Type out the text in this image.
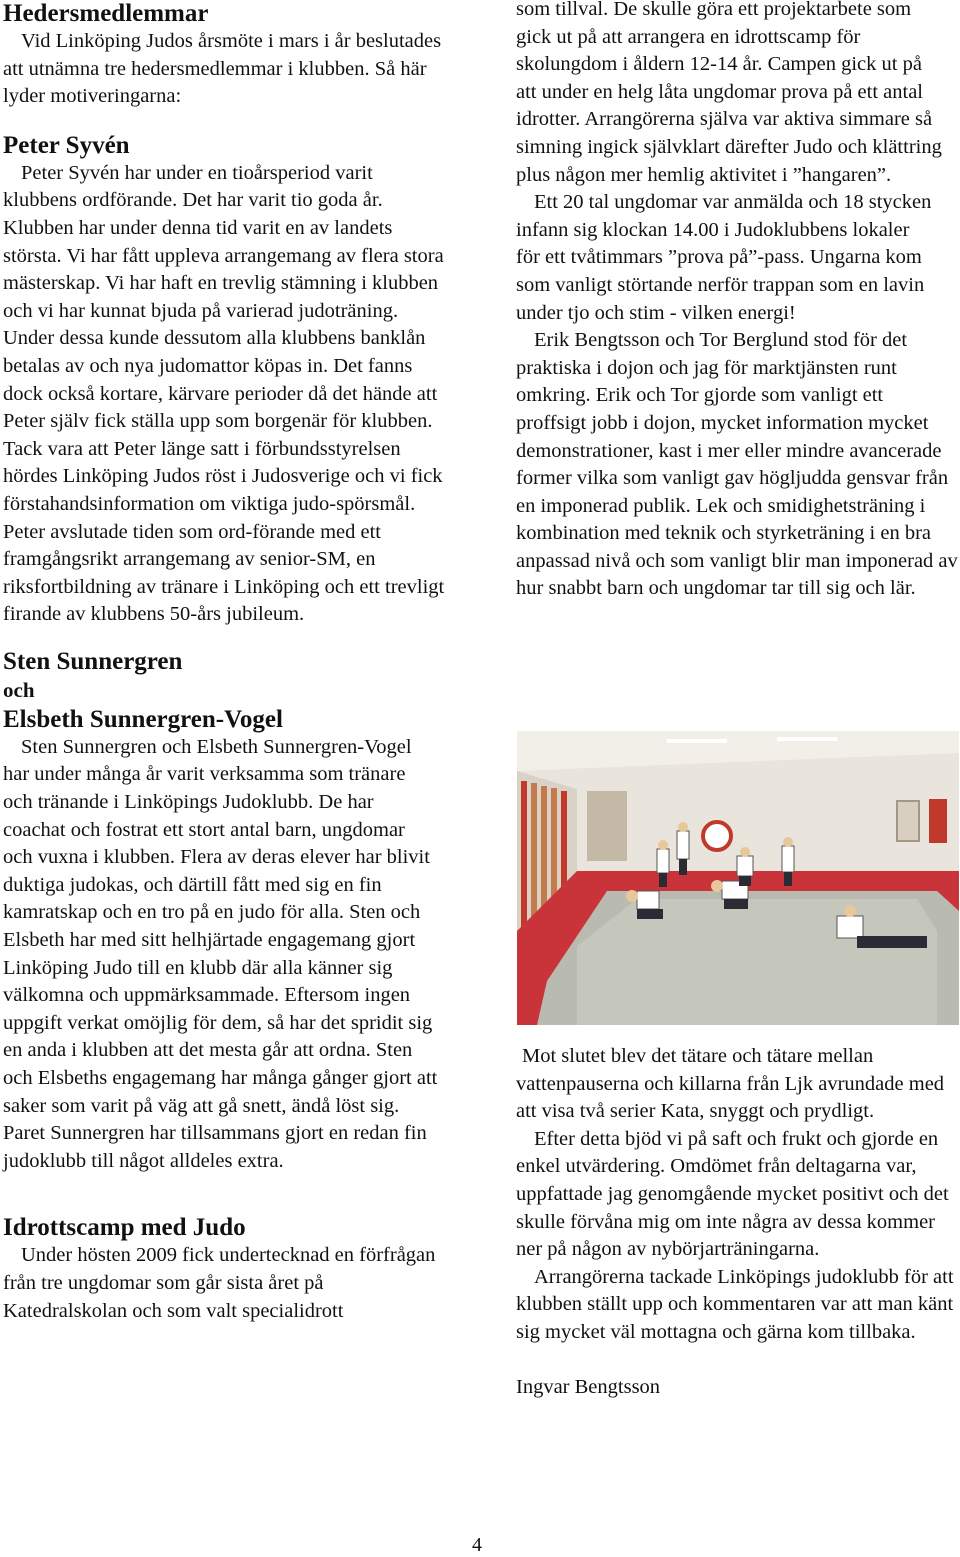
Hedersmedlemmar

Vid Linköping Judos årsmöte i mars i år beslutades att utnämna tre hedersmedlemmar i klubben. Så här lyder motiveringarna:

Peter Syvén

Peter Syvén har under en tioårsperiod varit klubbens ordförande. Det har varit tio goda år. Klubben har under denna tid varit en av landets största. Vi har fått uppleva arrangemang av flera stora mästerskap. Vi har haft en trevlig stämning i klubben och vi har kunnat bjuda på varierad judoträning. Under dessa kunde dessutom alla klubbens banklån betalas av och nya judomattor köpas in. Det fanns dock också kortare, kärvare perioder då det hände att Peter själv fick ställa upp som borgenär för klubben. Tack vara att Peter länge satt i förbundsstyrelsen hördes Linköping Judos röst i Judosverige och vi fick förstahandsinformation om viktiga judo-spörsmål. Peter avslutade tiden som ord-förande med ett framgångsrikt arrangemang av senior-SM, en riksfortbildning av tränare i Linköping och ett trevligt firande av klubbens 50-års jubileum.

Sten Sunnergren
och
Elsbeth Sunnergren-Vogel

Sten Sunnergren och Elsbeth Sunnergren-Vogel har under många år varit verksamma som tränare och tränande i Linköpings Judoklubb. De har coachat och fostrat ett stort antal barn, ungdomar och vuxna i klubben. Flera av deras elever har blivit duktiga judokas, och därtill fått med sig en fin kamratskap och en tro på en judo för alla. Sten och Elsbeth har med sitt helhjärtade engagemang gjort Linköping Judo till en klubb där alla känner sig välkomna och uppmärksammade. Eftersom ingen uppgift verkat omöjlig för dem, så har det spridit sig en anda i klubben att det mesta går att ordna. Sten och Elsbeths engagemang har många gånger gjort att saker som varit på väg att gå snett, ändå löst sig. Paret Sunnergren har tillsammans gjort en redan fin judoklubb till något alldeles extra.

Idrottscamp med Judo

Under hösten 2009 fick undertecknad en förfrågan från tre ungdomar som går sista året på Katedralskolan och som valt specialidrott

som tillval. De skulle göra ett projektarbete som gick ut på att arrangera en idrottscamp för skolungdom i åldern 12-14 år. Campen gick ut på att under en helg låta ungdomar prova på ett antal idrotter. Arrangörerna själva var aktiva simmare så simning ingick självklart därefter Judo och klättring plus någon mer hemlig aktivitet i ”hangaren”.

Ett 20 tal ungdomar var anmälda och 18 stycken infann sig klockan 14.00 i Judoklubbens lokaler för ett tvåtimmars ”prova på”-pass. Ungarna kom som vanligt störtande nerför trappan som en lavin under tjo och stim - vilken energi!

Erik Bengtsson och Tor Berglund stod för det praktiska i dojon och jag för marktjänsten runt omkring. Erik och Tor gjorde som vanligt ett proffsigt jobb i dojon, mycket information mycket demonstrationer, kast i mer eller mindre avancerade former vilka som vanligt gav högljudda gensvar från en imponerad publik. Lek och smidighetsträning i kombination med teknik och styrketräning i en bra anpassad nivå och som vanligt blir man imponerad av hur snabbt barn och ungdomar tar till sig och lär.

Mot slutet blev det tätare och tätare mellan vattenpauserna och killarna från Ljk avrundade med att visa två serier Kata, snyggt och prydligt.

Efter detta bjöd vi på saft och frukt och gjorde en enkel utvärdering. Omdömet från deltagarna var, uppfattade jag genomgående mycket positivt och det skulle förvåna mig om inte några av dessa kommer ner på någon av nybörjarträningarna.

Arrangörerna tackade Linköpings judoklubb för att klubben ställt upp och kommentaren var att man känt sig mycket väl mottagna och gärna kom tillbaka.

Ingvar Bengtsson

4
